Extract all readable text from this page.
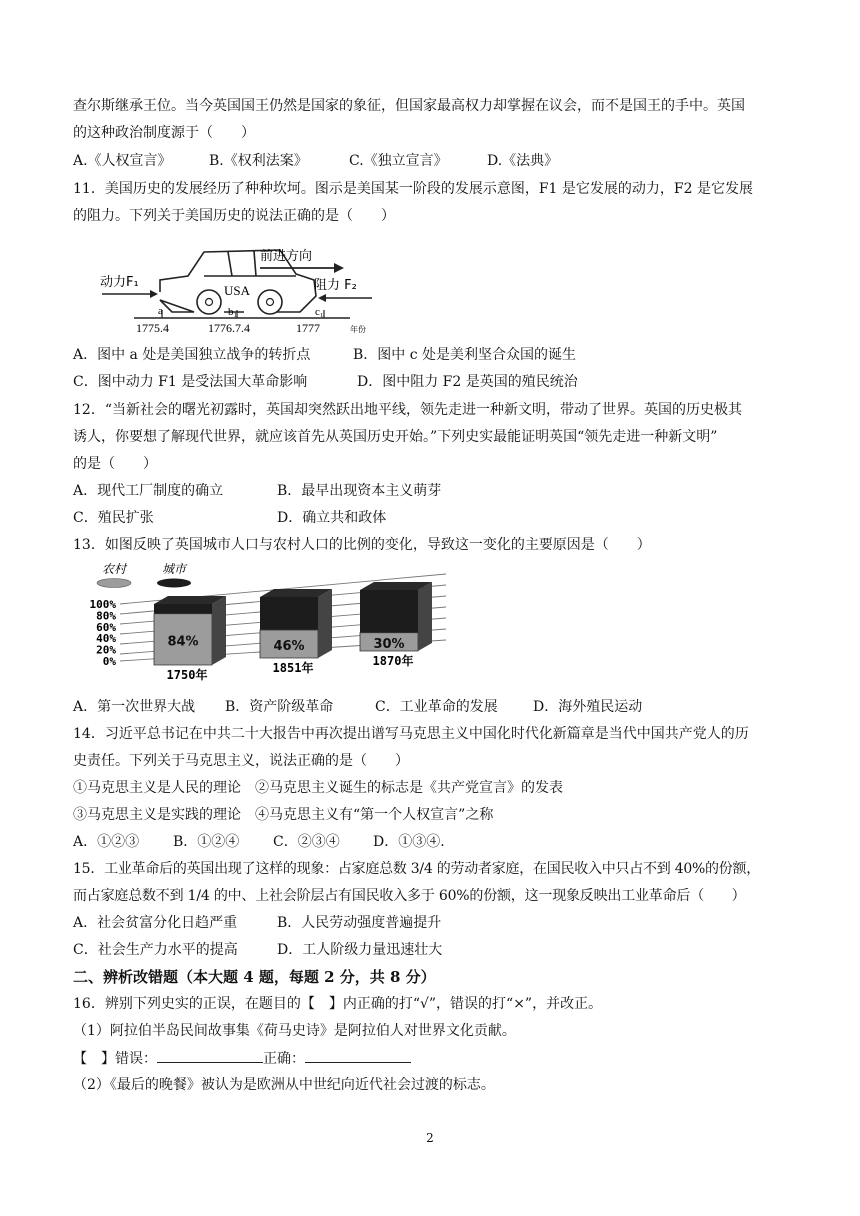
查尔斯继承王位。当今英国国王仍然是国家的象征，但国家最高权力却掌握在议会，而不是国王的手中。英国
的这种政治制度源于（　　）
A.《人权宣言》	B.《权利法案》	C.《独立宣言》	D.《法典》
11．美国历史的发展经历了种种坎坷。图示是美国某一阶段的发展示意图，F1 是它发展的动力，F2 是它发展
的阻力。下列关于美国历史的说法正确的是（　　）
USA
前进方向
动力F₁	阻力 F₂
a	b₁	c₁
1775.4	1776.7.4	1777	年份
A．图中 a 处是美国独立战争的转折点	B．图中 c 处是美利坚合众国的诞生
C．图中动力 F1 是受法国大革命影响	D．图中阻力 F2 是英国的殖民统治
12．“当新社会的曙光初露时，英国却突然跃出地平线，领先走进一种新文明，带动了世界。英国的历史极其
诱人，你要想了解现代世界，就应该首先从英国历史开始。”下列史实最能证明英国“领先走进一种新文明”
的是（　　）
A．现代工厂制度的确立	B．最早出现资本主义萌芽
C．殖民扩张	D．确立共和政体
13．如图反映了英国城市人口与农村人口的比例的变化，导致这一变化的主要原因是（　　）
农村	城市
100%
80%
60%
40%
20%
0%
84%
1750年
46%
1851年
30%
1870年
A．第一次世界大战 B．资产阶级革命	C．工业革命的发展	D．海外殖民运动
14．习近平总书记在中共二十大报告中再次提出谱写马克思主义中国化时代化新篇章是当代中国共产党人的历
史责任。下列关于马克思主义，说法正确的是（　　）
①马克思主义是人民的理论　②马克思主义诞生的标志是《共产党宣言》的发表
③马克思主义是实践的理论　④马克思主义有“第一个人权宣言”之称
A．①②③ B．①②④ C．②③④ D．①③④.
15．工业革命后的英国出现了这样的现象：占家庭总数 3/4 的劳动者家庭，在国民收入中只占不到 40%的份额，
而占家庭总数不到 1/4 的中、上社会阶层占有国民收入多于 60%的份额，这一现象反映出工业革命后（　　）
A．社会贫富分化日趋严重	B．人民劳动强度普遍提升
C．社会生产力水平的提高	D．工人阶级力量迅速壮大
二、辨析改错题（本大题 4 题，每题 2 分，共 8 分）
16．辨别下列史实的正误，在题目的【　】内正确的打“√”，错误的打“×”，并改正。
（1）阿拉伯半岛民间故事集《荷马史诗》是阿拉伯人对世界文化贡献。
【　】错误：	正确：
（2）《最后的晚餐》被认为是欧洲从中世纪向近代社会过渡的标志。
2
